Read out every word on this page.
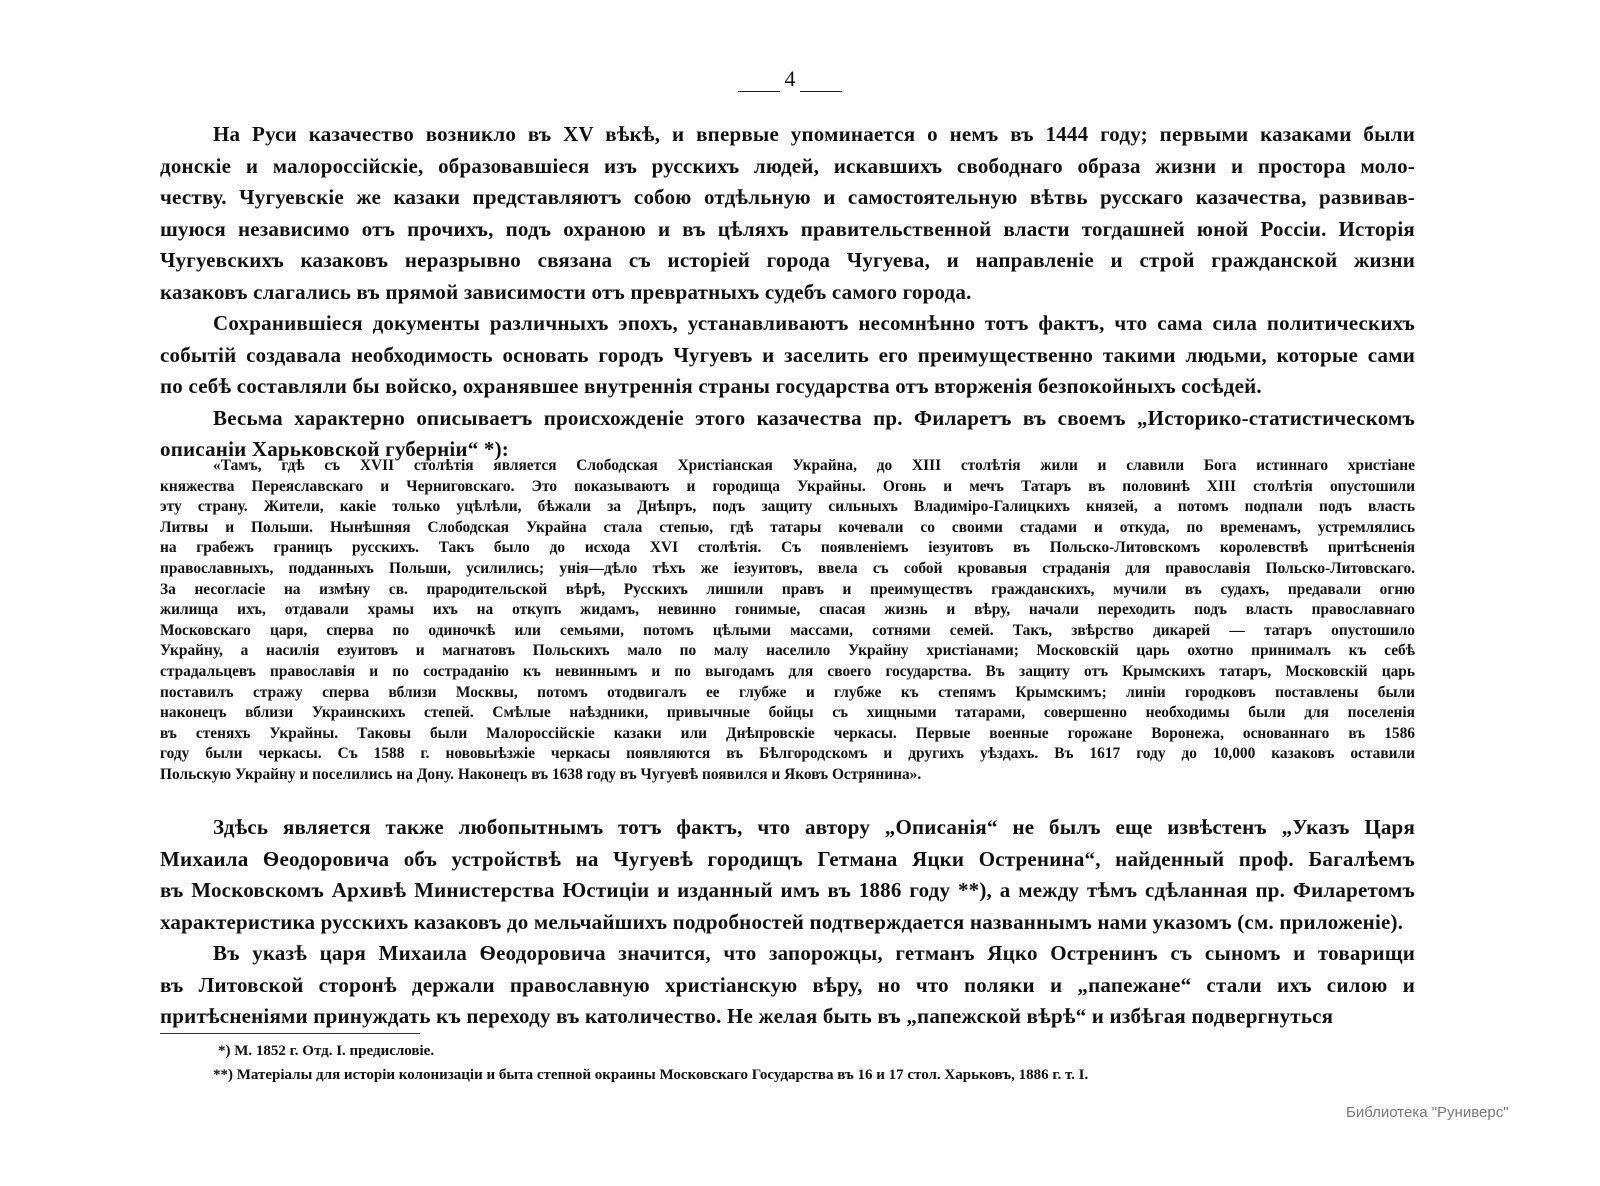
4
На Руси казачество возникло въ XV вѣкѣ, и впервые упоминается о немъ въ 1444 году; первыми казаками были
донскіе и малороссійскіе, образовавшіеся изъ русскихъ людей, искавшихъ свободнаго образа жизни и простора моло-
честву. Чугуевскіе же казаки представляютъ собою отдѣльную и самостоятельную вѣтвь русскаго казачества, развивав-
шуюся независимо отъ прочихъ, подъ охраною и въ цѣляхъ правительственной власти тогдашней юной Россіи. Исторія
Чугуевскихъ казаковъ неразрывно связана съ исторіей города Чугуева, и направленіе и строй гражданской жизни
казаковъ слагались въ прямой зависимости отъ превратныхъ судебъ самого города.
Сохранившіеся документы различныхъ эпохъ, устанавливаютъ несомнѣнно тотъ фактъ, что сама сила политическихъ
событій создавала необходимость основать городъ Чугуевъ и заселить его преимущественно такими людьми, которые сами
по себѣ составляли бы войско, охранявшее внутреннія страны государства отъ вторженія безпокойныхъ сосѣдей.
Весьма характерно описываетъ происхожденіе этого казачества пр. Филаретъ въ своемъ „Историко-статистическомъ
описаніи Харьковской губерніи“ *):
«Тамъ, гдѣ съ XVII столѣтія является Слободская Христіанская Украйна, до XIII столѣтія жили и славили Бога истиннаго христіане
княжества Переяславскаго и Черниговскаго. Это показываютъ и городища Украйны. Огонь и мечъ Татаръ въ половинѣ XIII столѣтія опустошили
эту страну. Жители, какіе только уцѣлѣли, бѣжали за Днѣпръ, подъ защиту сильныхъ Владиміро-Галицкихъ князей, а потомъ подпали подъ власть
Литвы и Польши. Нынѣшняя Слободская Украйна стала степью, гдѣ татары кочевали со своими стадами и откуда, по временамъ, устремлялись
на грабежъ границъ русскихъ. Такъ было до исхода XVI столѣтія. Съ появленіемъ іезуитовъ въ Польско-Литовскомъ королевствѣ притѣсненія
православныхъ, подданныхъ Польши, усилились; унія—дѣло тѣхъ же іезуитовъ, ввела съ собой кровавыя страданія для православія Польско-Литовскаго.
За несогласіе на измѣну св. прародительской вѣрѣ, Русскихъ лишили правъ и преимуществъ гражданскихъ, мучили въ судахъ, предавали огню
жилища ихъ, отдавали храмы ихъ на откупъ жидамъ, невинно гонимые, спасая жизнь и вѣру, начали переходить подъ власть православнаго
Московскаго царя, сперва по одиночкѣ или семьями, потомъ цѣлыми массами, сотнями семей. Такъ, звѣрство дикарей — татаръ опустошило
Украйну, а насилія езуитовъ и магнатовъ Польскихъ мало по малу населило Украйну христіанами; Московскій царь охотно принималъ къ себѣ
страдальцевъ православія и по состраданію къ невиннымъ и по выгодамъ для своего государства. Въ защиту отъ Крымскихъ татаръ, Московскій царь
поставилъ стражу сперва вблизи Москвы, потомъ отодвигалъ ее глубже и глубже къ степямъ Крымскимъ; линіи городковъ поставлены были
наконецъ вблизи Украинскихъ степей. Смѣлые наѣздники, привычные бойцы съ хищными татарами, совершенно необходимы были для поселенія
въ стеняхъ Украйны. Таковы были Малороссійскіе казаки или Днѣпровскіе черкасы. Первые военные горожане Воронежа, основаннаго въ 1586
году были черкасы. Съ 1588 г. нововыѣзжіе черкасы появляются въ Бѣлгородскомъ и другихъ уѣздахъ. Въ 1617 году до 10,000 казаковъ оставили
Польскую Украйну и поселились на Дону. Наконецъ въ 1638 году въ Чугуевѣ появился и Яковъ Острянина».
Здѣсь является также любопытнымъ тотъ фактъ, что автору „Описанія“ не былъ еще извѣстенъ „Указъ Царя
Михаила Ѳеодоровича объ устройствѣ на Чугуевѣ городищъ Гетмана Яцки Остренина“, найденный проф. Багалѣемъ
въ Московскомъ Архивѣ Министерства Юстиціи и изданный имъ въ 1886 году **), а между тѣмъ сдѣланная пр. Филаретомъ
характеристика русскихъ казаковъ до мельчайшихъ подробностей подтверждается названнымъ нами указомъ (см. приложеніе).
Въ указѣ царя Михаила Ѳеодоровича значится, что запорожцы, гетманъ Яцко Остренинъ съ сыномъ и товарищи
въ Литовской сторонѣ держали православную христіанскую вѣру, но что поляки и „папежане“ стали ихъ силою и
притѣсненіями принуждать къ переходу въ католичество. Не желая быть въ „папежской вѣрѣ“ и избѣгая подвергнуться
*) М. 1852 г. Отд. I. предисловіе.
**) Матеріалы для исторіи колонизаціи и быта степной окраины Московскаго Государства въ 16 и 17 стол. Харьковъ, 1886 г. т. I.
Библиотека "Руниверс"
